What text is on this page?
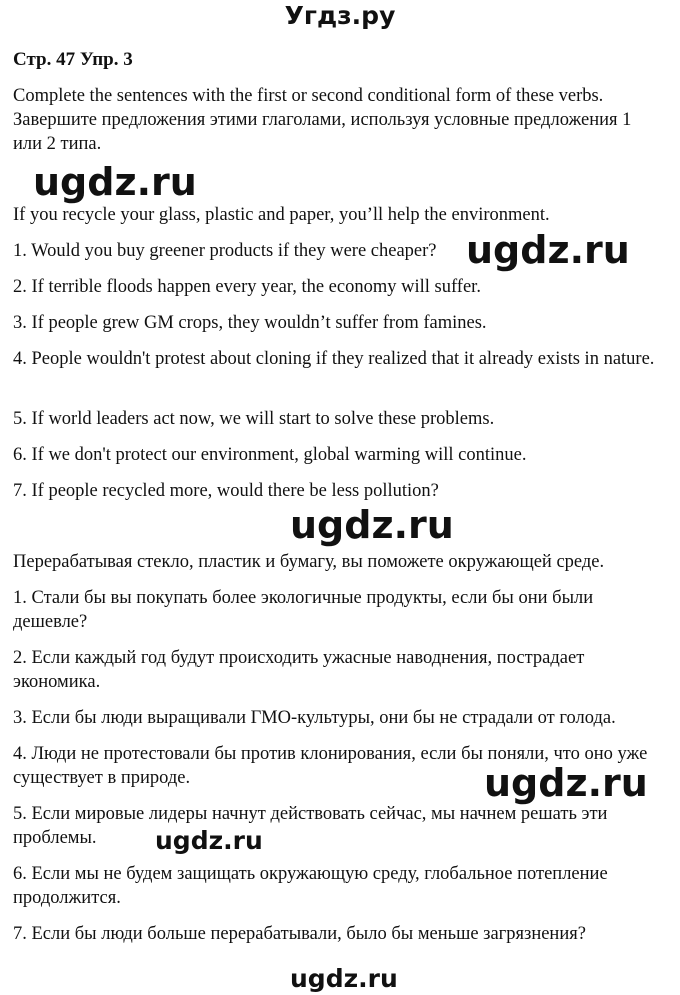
Угдз.ру
Стр. 47 Упр. 3
Complete the sentences with the first or second conditional form of these verbs.
Завершите предложения этими глаголами, используя условные предложения 1 или 2 типа.
ugdz.ru
If you recycle your glass, plastic and paper, you’ll help the environment.
1. Would you buy greener products if they were cheaper?
2. If terrible floods happen every year, the economy will suffer.
3. If people grew GM crops, they wouldn’t suffer from famines.
4. People wouldn't protest about cloning if they realized that it already exists in nature.
5. If world leaders act now, we will start to solve these problems.
6. If we don't protect our environment, global warming will continue.
7. If people recycled more, would there be less pollution?
ugdz.ru
ugdz.ru
Перерабатывая стекло, пластик и бумагу, вы поможете окружающей среде.
1. Стали бы вы покупать более экологичные продукты, если бы они были дешевле?
2. Если каждый год будут происходить ужасные наводнения, пострадает экономика.
3. Если бы люди выращивали ГМО-культуры, они бы не страдали от голода.
4. Люди не протестовали бы против клонирования, если бы поняли, что оно уже существует в природе.
5. Если мировые лидеры начнут действовать сейчас, мы начнем решать эти проблемы.
6. Если мы не будем защищать окружающую среду, глобальное потепление продолжится.
7. Если бы люди больше перерабатывали, было бы меньше загрязнения?
ugdz.ru
ugdz.ru
ugdz.ru
